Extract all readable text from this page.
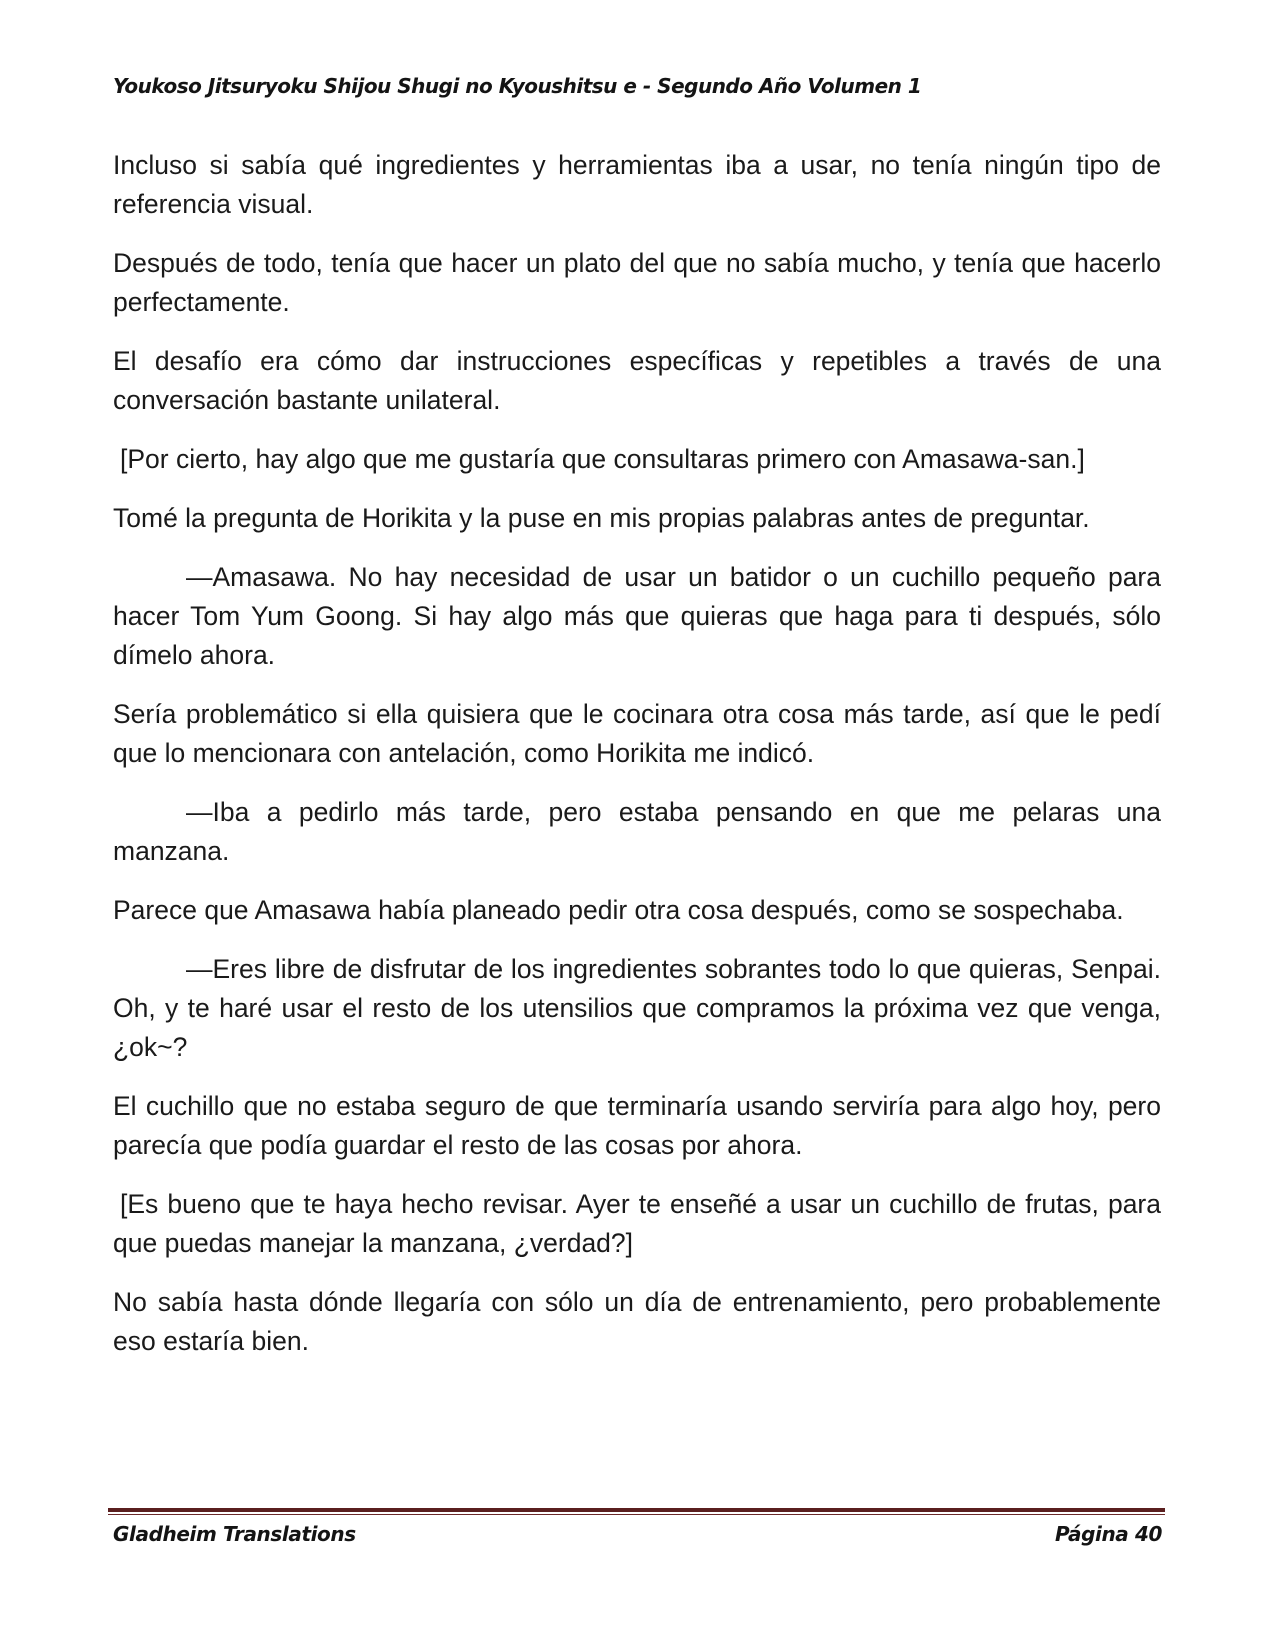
Youkoso Jitsuryoku Shijou Shugi no Kyoushitsu e - Segundo Año Volumen 1

Incluso si sabía qué ingredientes y herramientas iba a usar, no tenía ningún tipo de referencia visual.

Después de todo, tenía que hacer un plato del que no sabía mucho, y tenía que hacerlo perfectamente.

El desafío era cómo dar instrucciones específicas y repetibles a través de una conversación bastante unilateral.

[Por cierto, hay algo que me gustaría que consultaras primero con Amasawa-san.]

Tomé la pregunta de Horikita y la puse en mis propias palabras antes de preguntar.

—Amasawa. No hay necesidad de usar un batidor o un cuchillo pequeño para hacer Tom Yum Goong. Si hay algo más que quieras que haga para ti después, sólo dímelo ahora.

Sería problemático si ella quisiera que le cocinara otra cosa más tarde, así que le pedí que lo mencionara con antelación, como Horikita me indicó.

—Iba a pedirlo más tarde, pero estaba pensando en que me pelaras una manzana.

Parece que Amasawa había planeado pedir otra cosa después, como se sospechaba.

—Eres libre de disfrutar de los ingredientes sobrantes todo lo que quieras, Senpai. Oh, y te haré usar el resto de los utensilios que compramos la próxima vez que venga, ¿ok~?

El cuchillo que no estaba seguro de que terminaría usando serviría para algo hoy, pero parecía que podía guardar el resto de las cosas por ahora.

[Es bueno que te haya hecho revisar. Ayer te enseñé a usar un cuchillo de frutas, para que puedas manejar la manzana, ¿verdad?]

No sabía hasta dónde llegaría con sólo un día de entrenamiento, pero probablemente eso estaría bien.

Gladheim Translations	Página 40
